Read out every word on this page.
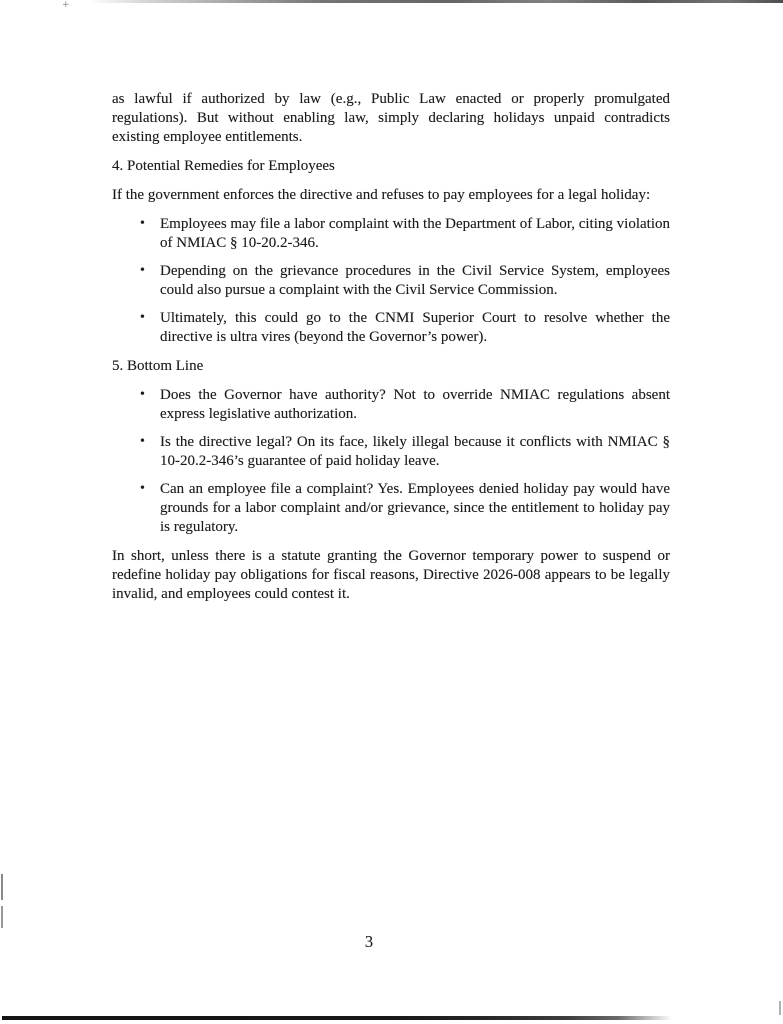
+

as lawful if authorized by law (e.g., Public Law enacted or properly promulgated regulations). But without enabling law, simply declaring holidays unpaid contradicts existing employee entitlements.

4. Potential Remedies for Employees

If the government enforces the directive and refuses to pay employees for a legal holiday:

• Employees may file a labor complaint with the Department of Labor, citing violation of NMIAC § 10-20.2-346.
• Depending on the grievance procedures in the Civil Service System, employees could also pursue a complaint with the Civil Service Commission.
• Ultimately, this could go to the CNMI Superior Court to resolve whether the directive is ultra vires (beyond the Governor’s power).

5. Bottom Line

• Does the Governor have authority? Not to override NMIAC regulations absent express legislative authorization.
• Is the directive legal? On its face, likely illegal because it conflicts with NMIAC § 10-20.2-346’s guarantee of paid holiday leave.
• Can an employee file a complaint? Yes. Employees denied holiday pay would have grounds for a labor complaint and/or grievance, since the entitlement to holiday pay is regulatory.

In short, unless there is a statute granting the Governor temporary power to suspend or redefine holiday pay obligations for fiscal reasons, Directive 2026-008 appears to be legally invalid, and employees could contest it.

3
